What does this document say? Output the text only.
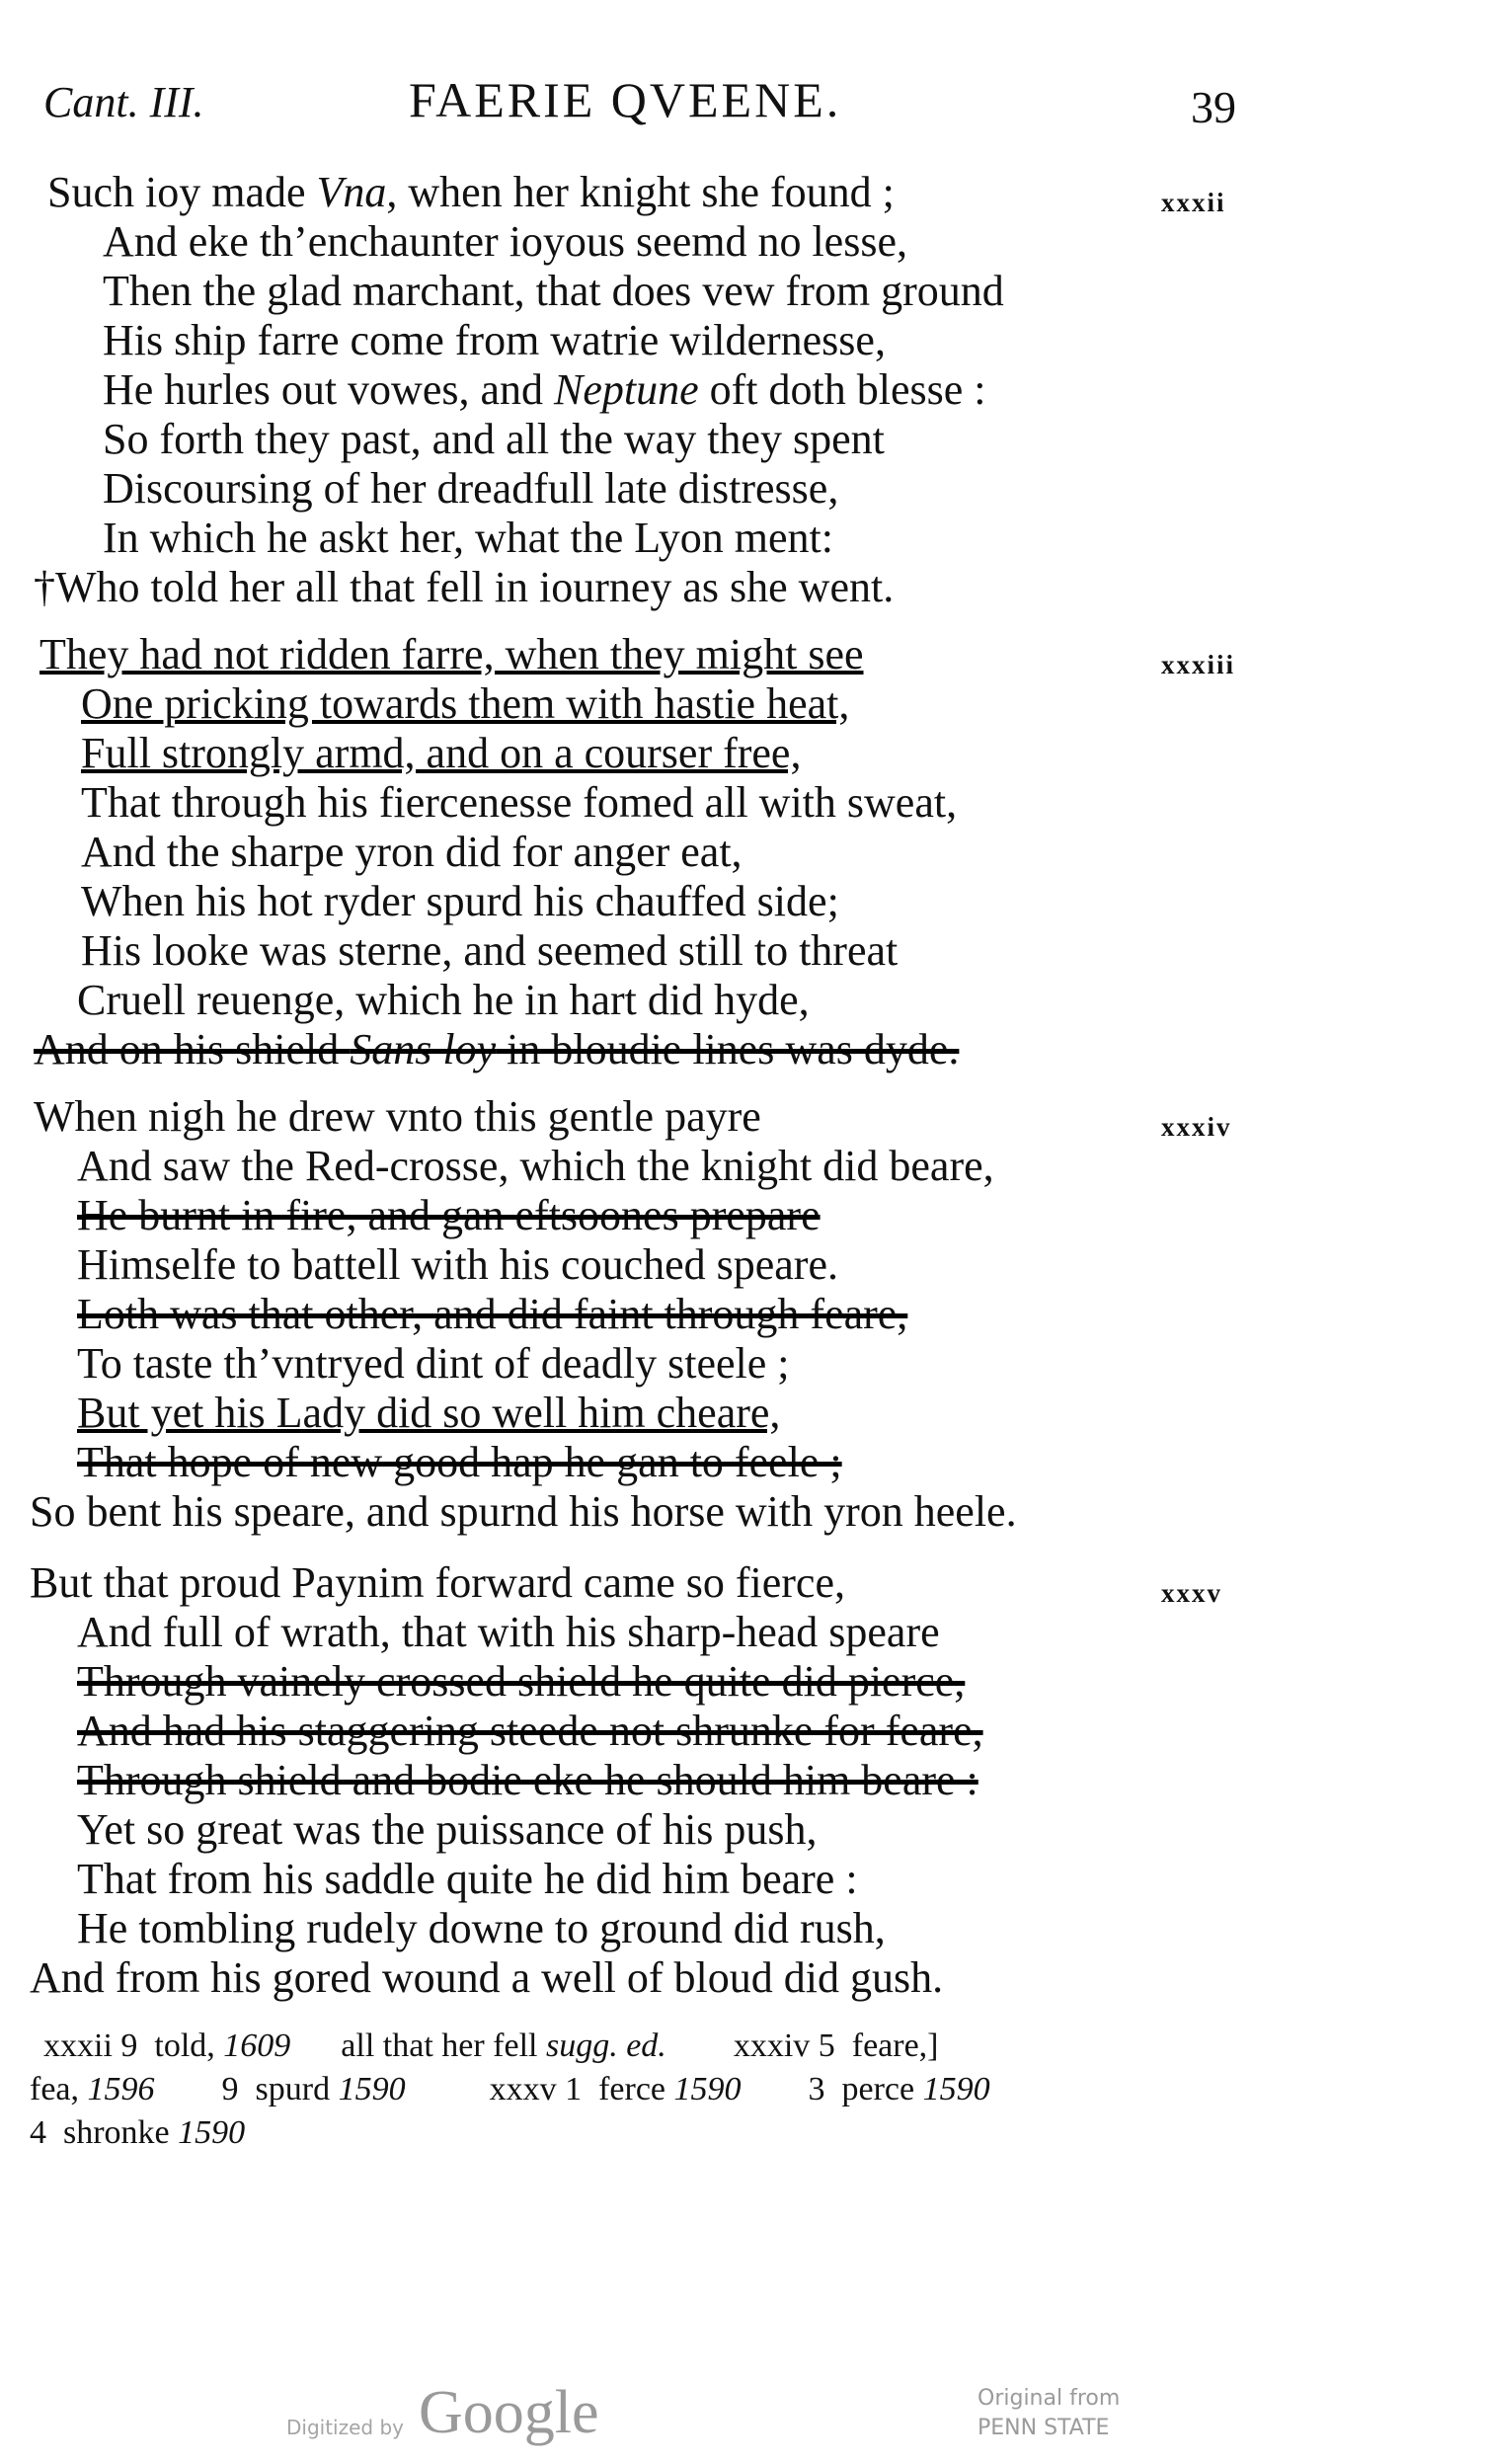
Cant. III.	FAERIE QVEENE.	39
xxxii
Such ioy made Vna, when her knight she found ;
And eke th’enchaunter ioyous seemd no lesse,
Then the glad marchant, that does vew from ground
His ship farre come from watrie wildernesse,
He hurles out vowes, and Neptune oft doth blesse :
So forth they past, and all the way they spent
Discoursing of her dreadfull late distresse,
In which he askt her, what the Lyon ment:
†Who told her all that fell in iourney as she went.
xxxiii
They had not ridden farre, when they might see
One pricking towards them with hastie heat,
Full strongly armd, and on a courser free,
That through his fiercenesse fomed all with sweat,
And the sharpe yron did for anger eat,
When his hot ryder spurd his chauffed side;
His looke was sterne, and seemed still to threat
Cruell reuenge, which he in hart did hyde,
And on his shield Sans loy in bloudie lines was dyde.
xxxiv
When nigh he drew vnto this gentle payre
And saw the Red-crosse, which the knight did beare,
He burnt in fire, and gan eftsoones prepare
Himselfe to battell with his couched speare.
Loth was that other, and did faint through feare,
To taste th’vntryed dint of deadly steele ;
But yet his Lady did so well him cheare,
That hope of new good hap he gan to feele ;
So bent his speare, and spurnd his horse with yron heele.
xxxv
But that proud Paynim forward came so fierce,
And full of wrath, that with his sharp-head speare
Through vainely crossed shield he quite did pierce,
And had his staggering steede not shrunke for feare,
Through shield and bodie eke he should him beare :
Yet so great was the puissance of his push,
That from his saddle quite he did him beare :
He tombling rudely downe to ground did rush,
And from his gored wound a well of bloud did gush.
xxxii 9  told, 1609      all that her fell sugg. ed.        xxxiv 5  feare,]
fea, 1596        9  spurd 1590          xxxv 1  ferce 1590        3  perce 1590
4  shronke 1590
Digitized by Google	Original from
PENN STATE
